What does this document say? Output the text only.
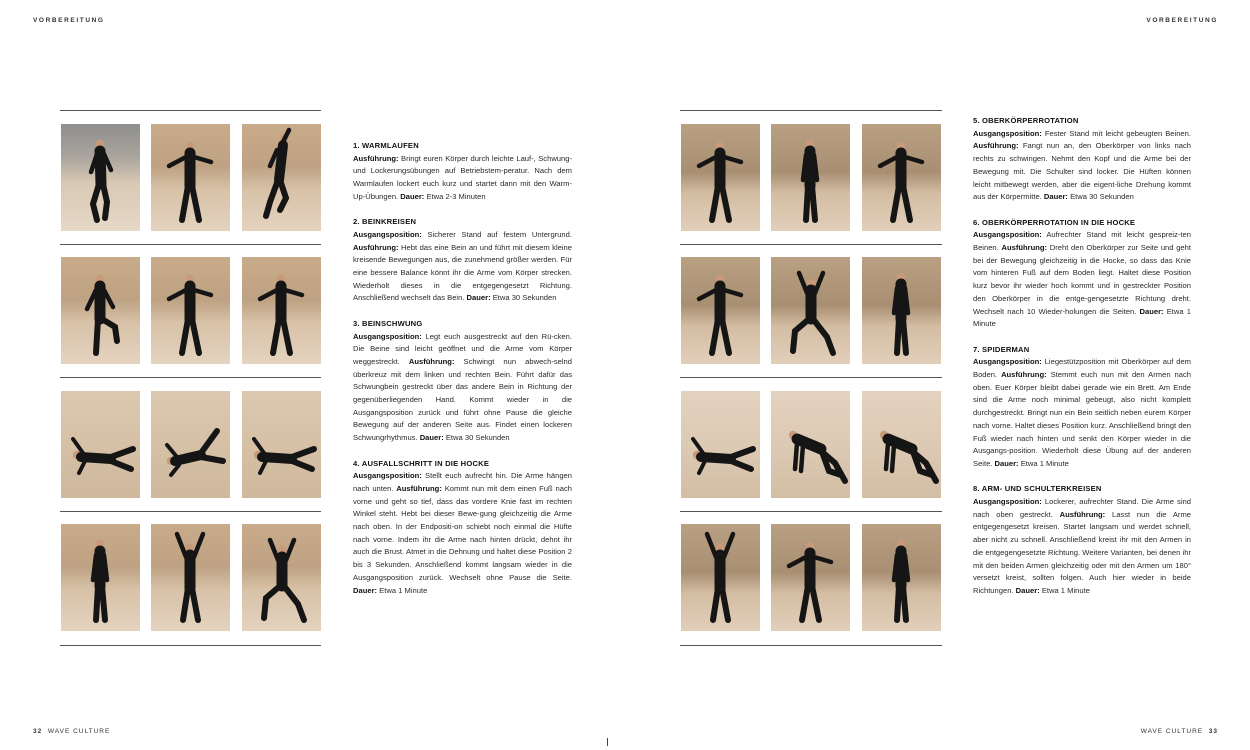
VORBEREITUNG	VORBEREITUNG
1. WARMLAUFEN

Ausführung: Bringt euren Körper durch leichte Lauf-, Schwung- und Lockerungsübungen auf Betriebstem-peratur. Nach dem Warmlaufen lockert euch kurz und startet dann mit den Warm-Up-Übungen. Dauer: Etwa 2-3 Minuten

2. BEINKREISEN

Ausgangsposition: Sicherer Stand auf festem Untergrund. Ausführung: Hebt das eine Bein an und führt mit diesem kleine kreisende Bewegungen aus, die zunehmend größer werden. Für eine bessere Balance könnt ihr die Arme vom Körper strecken. Wiederholt dieses in die entgegengesetzt Richtung. Anschließend wechselt das Bein. Dauer: Etwa 30 Sekunden

3. BEINSCHWUNG

Ausgangsposition: Legt euch ausgestreckt auf den Rü-cken. Die Beine sind leicht geöffnet und die Arme vom Körper weggestreckt. Ausführung: Schwingt nun abwech-selnd überkreuz mit dem linken und rechten Bein. Führt dafür das Schwungbein gestreckt über das andere Bein in Richtung der gegenüberliegenden Hand. Kommt wieder in die Ausgangsposition zurück und führt ohne Pause die gleiche Bewegung auf der anderen Seite aus. Findet einen lockeren Schwungrhythmus. Dauer: Etwa 30 Sekunden

4. AUSFALLSCHRITT IN DIE HOCKE

Ausgangsposition: Stellt euch aufrecht hin. Die Arme hängen nach unten. Ausführung: Kommt nun mit dem einen Fuß nach vorne und geht so tief, dass das vordere Knie fast im rechten Winkel steht. Hebt bei dieser Bewe-gung gleichzeitig die Arme nach oben. In der Endpositi-on schiebt noch einmal die Hüfte nach vorne. Indem ihr die Arme nach hinten drückt, dehnt ihr auch die Brust. Atmet in die Dehnung und haltet diese Position 2 bis 3 Sekunden. Anschließend kommt langsam wieder in die Ausgangsposition zurück. Wechselt ohne Pause die Seite. Dauer: Etwa 1 Minute

5. OBERKÖRPERROTATION

Ausgangsposition: Fester Stand mit leicht gebeugten Beinen. Ausführung: Fangt nun an, den Oberkörper von links nach rechts zu schwingen. Nehmt den Kopf und die Arme bei der Bewegung mit. Die Schulter sind locker. Die Hüften können leicht mitbewegt werden, aber die eigent-liche Drehung kommt aus der Körpermitte. Dauer: Etwa 30 Sekunden

6. OBERKÖRPERROTATION IN DIE HOCKE

Ausgangsposition: Aufrechter Stand mit leicht gespreiz-ten Beinen. Ausführung: Dreht den Oberkörper zur Seite und geht bei der Bewegung gleichzeitig in die Hocke, so dass das Knie vom hinteren Fuß auf dem Boden liegt. Haltet diese Position kurz bevor ihr wieder hoch kommt und in gestreckter Position den Oberkörper in die entge-gengesetzte Richtung dreht. Wechselt nach 10 Wieder-holungen die Seiten. Dauer: Etwa 1 Minute

7. SPIDERMAN

Ausgangsposition: Liegestützposition mit Oberkörper auf dem Boden. Ausführung: Stemmt euch nun mit den Armen nach oben. Euer Körper bleibt dabei gerade wie ein Brett. Am Ende sind die Arme noch minimal gebeugt, also nicht komplett durchgestreckt. Bringt nun ein Bein seitlich neben eurem Körper nach vorne. Haltet dieses Position kurz. Anschließend bringt den Fuß wieder nach hinten und senkt den Körper wieder in die Ausgangs-position. Wiederholt diese Übung auf der anderen Seite. Dauer: Etwa 1 Minute

8. ARM- UND SCHULTERKREISEN

Ausgangsposition: Lockerer, aufrechter Stand. Die Arme sind nach oben gestreckt. Ausführung: Lasst nun die Arme entgegengesetzt kreisen. Startet langsam und werdet schnell, aber nicht zu schnell. Anschließend kreist ihr mit den Armen in die entgegengesetzte Richtung. Weitere Varianten, bei denen ihr mit den beiden Armen gleichzeitig oder mit den Armen um 180° versetzt kreist, sollten folgen. Auch hier wieder in beide Richtungen. Dauer: Etwa 1 Minute

32 WAVE CULTURE	WAVE CULTURE 33
